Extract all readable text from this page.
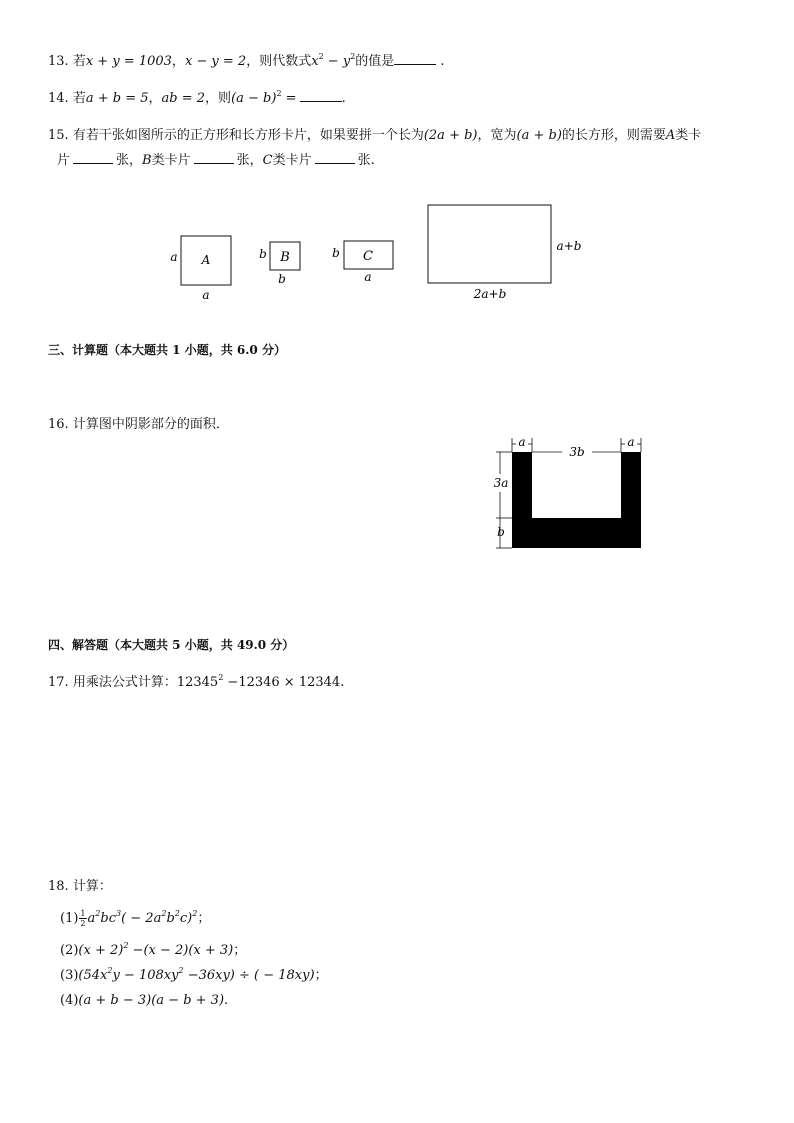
13. 若x + y = 1003，x − y = 2，则代数式$x^2 - y^2$的值是	.
14. 若a + b = 5，ab = 2，则$(a - b)^2$ =	.
15. 有若干张如图所示的正方形和长方形卡片，如果要拼一个长为(2a + b)，宽为(a + b)的长方形，则需要A类卡
片	张，B类卡片	张，C类卡片	张.
A
a
a
B
b
b
C
b
a
a+b
2a+b
三、计算题（本大题共 1 小题，共 6.0 分）
16. 计算图中阴影部分的面积．
a
3b
a
3a
b
四、解答题（本大题共 5 小题，共 49.0 分）
17. 用乘法公式计算：$12345^2 -12346 \times 12344$.
18. 计算：
$(1) \frac{1}{2} a^2bc^3( - 2a^2b^2c)^2$；
$(2)(x + 2)^2 -(x - 2)(x + 3)$；
$(3)(54x^2y - 108xy^2 -36xy)$ ÷ ( − 18xy)；
(4)(a + b − 3)(a − b + 3).
